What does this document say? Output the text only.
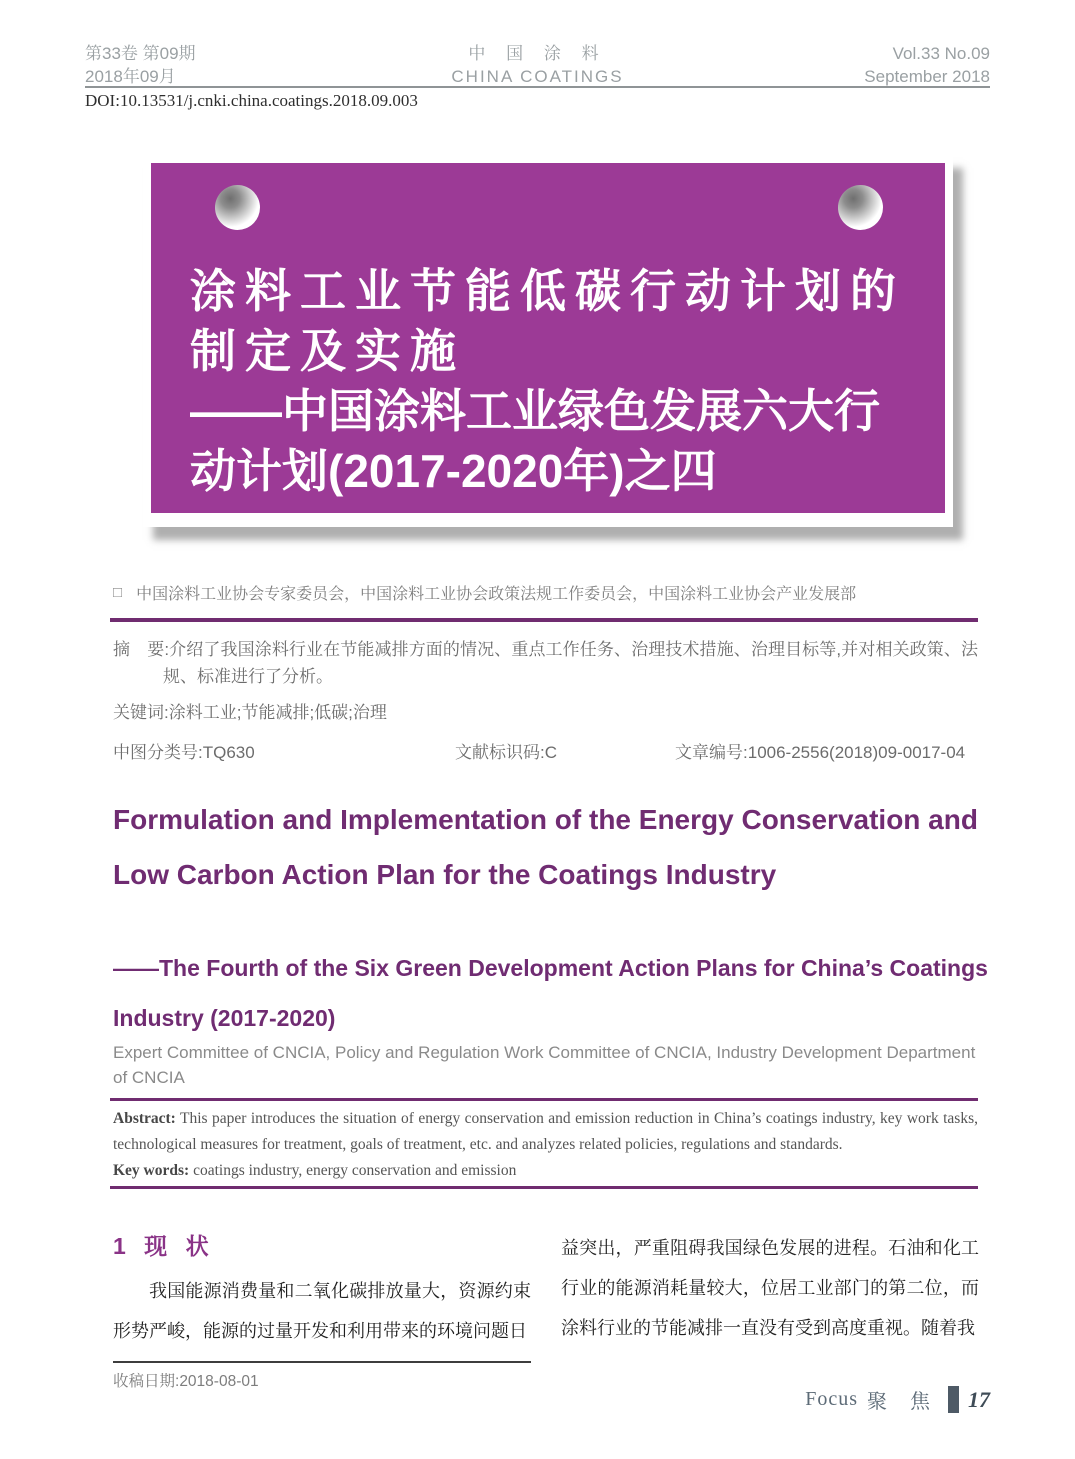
第33卷 第09期
2018年09月
中 国 涂 料
CHINA COATINGS
Vol.33 No.09
September 2018
DOI:10.13531/j.cnki.china.coatings.2018.09.003

涂料工业节能低碳行动计划的制定及实施

——中国涂料工业绿色发展六大行动计划(2017-2020年)之四

□ 中国涂料工业协会专家委员会，中国涂料工业协会政策法规工作委员会，中国涂料工业协会产业发展部

摘　要:介绍了我国涂料行业在节能减排方面的情况、重点工作任务、治理技术措施、治理目标等,并对相关政策、法规、标准进行了分析。

关键词:涂料工业;节能减排;低碳;治理

中图分类号:TQ630	文献标识码:C	文章编号:1006-2556(2018)09-0017-04
Formulation and Implementation of the Energy Conservation and Low Carbon Action Plan for the Coatings Industry
——The Fourth of the Six Green Development Action Plans for China’s Coatings Industry (2017-2020)
Expert Committee of CNCIA, Policy and Regulation Work Committee of CNCIA, Industry Development Department of CNCIA

Abstract: This paper introduces the situation of energy conservation and emission reduction in China’s coatings industry, key work tasks, technological measures for treatment, goals of treatment, etc. and analyzes related policies, regulations and standards.

Key words: coatings industry, energy conservation and emission

1 现 状

我国能源消费量和二氧化碳排放量大，资源约束形势严峻，能源的过量开发和利用带来的环境问题日

收稿日期:2018-08-01

益突出，严重阻碍我国绿色发展的进程。石油和化工行业的能源消耗量较大，位居工业部门的第二位，而涂料行业的节能减排一直没有受到高度重视。随着我

Focus 聚 焦 17
